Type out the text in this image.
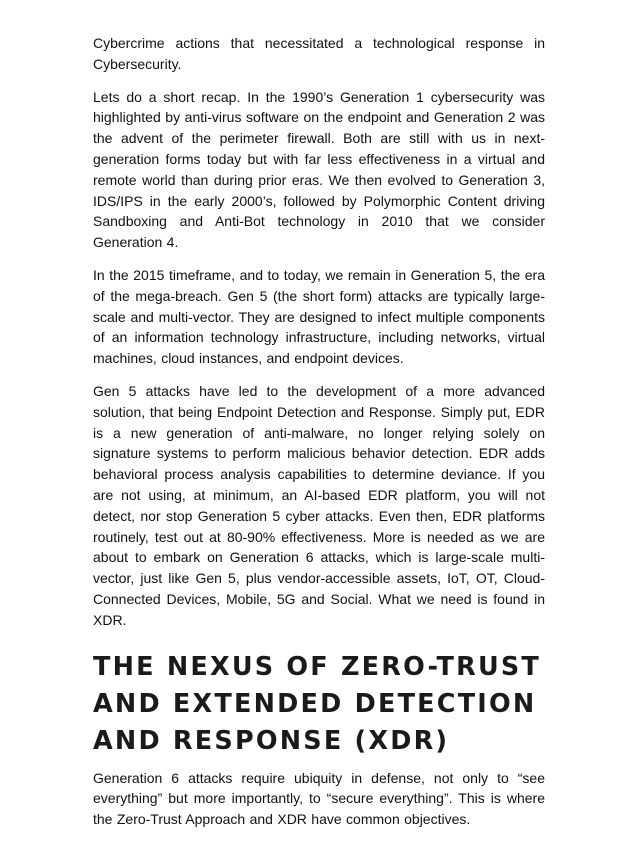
Cybercrime actions that necessitated a technological response in Cybersecurity.

Lets do a short recap. In the 1990’s Generation 1 cybersecurity was highlighted by anti-virus software on the endpoint and Generation 2 was the advent of the perimeter firewall. Both are still with us in next-generation forms today but with far less effectiveness in a virtual and remote world than during prior eras. We then evolved to Generation 3, IDS/IPS in the early 2000’s, followed by Polymorphic Content driving Sandboxing and Anti-Bot technology in 2010 that we consider Generation 4.

In the 2015 timeframe, and to today, we remain in Generation 5, the era of the mega-breach. Gen 5 (the short form) attacks are typically large-scale and multi-vector. They are designed to infect multiple components of an information technology infrastructure, including networks, virtual machines, cloud instances, and endpoint devices.

Gen 5 attacks have led to the development of a more advanced solution, that being Endpoint Detection and Response. Simply put, EDR is a new generation of anti-malware, no longer relying solely on signature systems to perform malicious behavior detection. EDR adds behavioral process analysis capabilities to determine deviance. If you are not using, at minimum, an AI-based EDR platform, you will not detect, nor stop Generation 5 cyber attacks. Even then, EDR platforms routinely, test out at 80-90% effectiveness. More is needed as we are about to embark on Generation 6 attacks, which is large-scale multi-vector, just like Gen 5, plus vendor-accessible assets, IoT, OT, Cloud-Connected Devices, Mobile, 5G and Social. What we need is found in XDR.

THE NEXUS OF ZERO-TRUST
AND EXTENDED DETECTION
AND RESPONSE (XDR)

Generation 6 attacks require ubiquity in defense, not only to “see everything” but more importantly, to “secure everything”. This is where the Zero-Trust Approach and XDR have common objectives.
